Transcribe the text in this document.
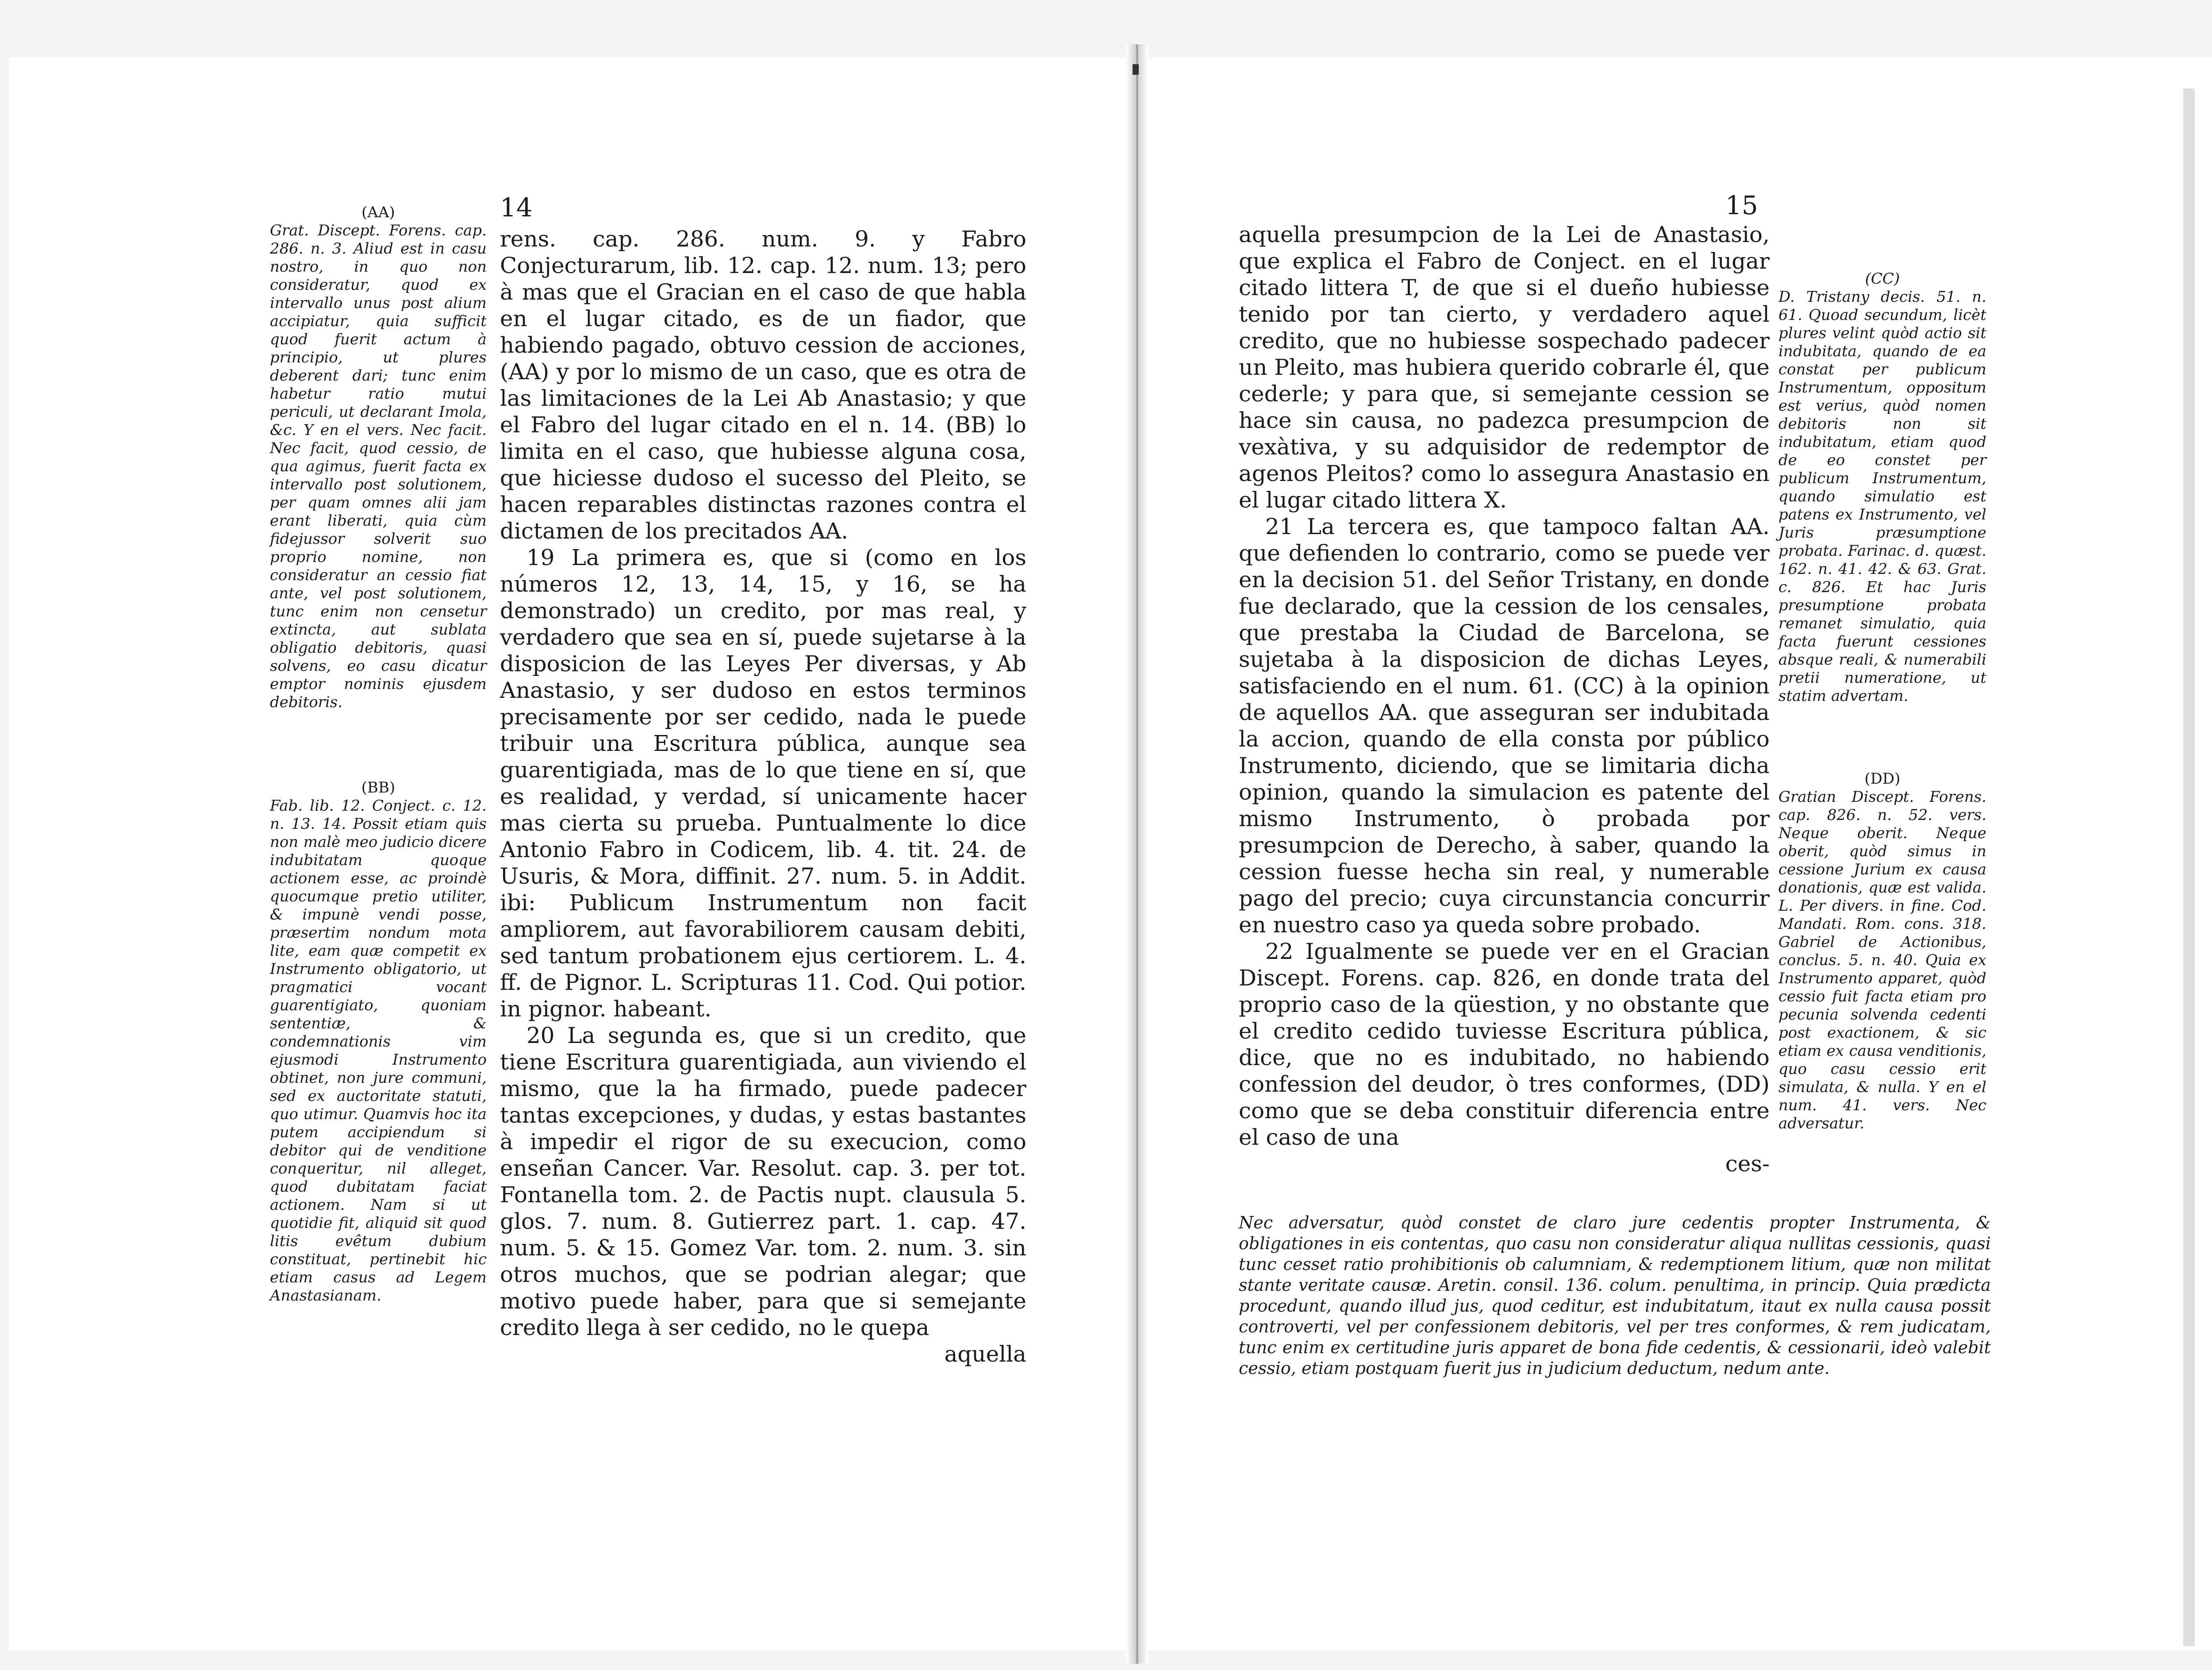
14

(AA)

Grat. Discept. Forens. cap. 286. n. 3. Aliud est in casu nostro, in quo non consideratur, quod ex intervallo unus post alium accipiatur, quia sufficit quod fuerit actum à principio, ut plures deberent dari; tunc enim habetur ratio mutui periculi, ut declarant Imola, &c. Y en el vers. Nec facit. Nec facit, quod cessio, de qua agimus, fuerit facta ex intervallo post solutionem, per quam omnes alii jam erant liberati, quia cùm fidejussor solverit suo proprio nomine, non consideratur an cessio fiat ante, vel post solutionem, tunc enim non censetur extincta, aut sublata obligatio debitoris, quasi solvens, eo casu dicatur emptor nominis ejusdem debitoris.

(BB)

Fab. lib. 12. Conject. c. 12. n. 13. 14. Possit etiam quis non malè meo judicio dicere indubitatam quoque actionem esse, ac proindè quocumque pretio utiliter, & impunè vendi posse, præsertim nondum mota lite, eam quæ competit ex Instrumento obligatorio, ut pragmatici vocant guarentigiato, quoniam sententiæ, & condemnationis vim ejusmodi Instrumento obtinet, non jure communi, sed ex auctoritate statuti, quo utimur. Quamvis hoc ita putem accipiendum si debitor qui de venditione conqueritur, nil alleget, quod dubitatam faciat actionem. Nam si ut quotidie fit, aliquid sit quod litis evêtum dubium constituat, pertinebit hic etiam casus ad Legem Anastasianam.

rens. cap. 286. num. 9. y Fabro Conjecturarum, lib. 12. cap. 12. num. 13; pero à mas que el Gracian en el caso de que habla en el lugar citado, es de un fiador, que habiendo pagado, obtuvo cession de acciones, (AA) y por lo mismo de un caso, que es otra de las limitaciones de la Lei Ab Anastasio; y que el Fabro del lugar citado en el n. 14. (BB) lo limita en el caso, que hubiesse alguna cosa, que hiciesse dudoso el sucesso del Pleito, se hacen reparables distinctas razones contra el dictamen de los precitados AA.

19 La primera es, que si (como en los números 12, 13, 14, 15, y 16, se ha demonstrado) un credito, por mas real, y verdadero que sea en sí, puede sujetarse à la disposicion de las Leyes Per diversas, y Ab Anastasio, y ser dudoso en estos terminos precisamente por ser cedido, nada le puede tribuir una Escritura pública, aunque sea guarentigiada, mas de lo que tiene en sí, que es realidad, y verdad, sí unicamente hacer mas cierta su prueba. Puntualmente lo dice Antonio Fabro in Codicem, lib. 4. tit. 24. de Usuris, & Mora, diffinit. 27. num. 5. in Addit. ibi: Publicum Instrumentum non facit ampliorem, aut favorabiliorem causam debiti, sed tantum probationem ejus certiorem. L. 4. ff. de Pignor. L. Scripturas 11. Cod. Qui potior. in pignor. habeant.

20 La segunda es, que si un credito, que tiene Escritura guarentigiada, aun viviendo el mismo, que la ha firmado, puede padecer tantas excepciones, y dudas, y estas bastantes à impedir el rigor de su execucion, como enseñan Cancer. Var. Resolut. cap. 3. per tot. Fontanella tom. 2. de Pactis nupt. clausula 5. glos. 7. num. 8. Gutierrez part. 1. cap. 47. num. 5. & 15. Gomez Var. tom. 2. num. 3. sin otros muchos, que se podrian alegar; que motivo puede haber, para que si semejante credito llega à ser cedido, no le quepa

aquella

15

aquella presumpcion de la Lei de Anastasio, que explica el Fabro de Conject. en el lugar citado littera T, de que si el dueño hubiesse tenido por tan cierto, y verdadero aquel credito, que no hubiesse sospechado padecer un Pleito, mas hubiera querido cobrarle él, que cederle; y para que, si semejante cession se hace sin causa, no padezca presumpcion de vexàtiva, y su adquisidor de redemptor de agenos Pleitos? como lo assegura Anastasio en el lugar citado littera X.

21 La tercera es, que tampoco faltan AA. que defienden lo contrario, como se puede ver en la decision 51. del Señor Tristany, en donde fue declarado, que la cession de los censales, que prestaba la Ciudad de Barcelona, se sujetaba à la disposicion de dichas Leyes, satisfaciendo en el num. 61. (CC) à la opinion de aquellos AA. que asseguran ser indubitada la accion, quando de ella consta por público Instrumento, diciendo, que se limitaria dicha opinion, quando la simulacion es patente del mismo Instrumento, ò probada por presumpcion de Derecho, à saber, quando la cession fuesse hecha sin real, y numerable pago del precio; cuya circunstancia concurrir en nuestro caso ya queda sobre probado.

22 Igualmente se puede ver en el Gracian Discept. Forens. cap. 826, en donde trata del proprio caso de la qüestion, y no obstante que el credito cedido tuviesse Escritura pública, dice, que no es indubitado, no habiendo confession del deudor, ò tres conformes, (DD) como que se deba constituir diferencia entre el caso de una

ces-

(CC)

D. Tristany decis. 51. n. 61. Quoad secundum, licèt plures velint quòd actio sit indubitata, quando de ea constat per publicum Instrumentum, oppositum est verius, quòd nomen debitoris non sit indubitatum, etiam quod de eo constet per publicum Instrumentum, quando simulatio est patens ex Instrumento, vel Juris præsumptione probata. Farinac. d. quæst. 162. n. 41. 42. & 63. Grat. c. 826. Et hac Juris presumptione probata remanet simulatio, quia facta fuerunt cessiones absque reali, & numerabili pretii numeratione, ut statim advertam.

(DD)

Gratian Discept. Forens. cap. 826. n. 52. vers. Neque oberit. Neque oberit, quòd simus in cessione Jurium ex causa donationis, quæ est valida. L. Per divers. in fine. Cod. Mandati. Rom. cons. 318. Gabriel de Actionibus, conclus. 5. n. 40. Quia ex Instrumento apparet, quòd cessio fuit facta etiam pro pecunia solvenda cedenti post exactionem, & sic etiam ex causa venditionis, quo casu cessio erit simulata, & nulla. Y en el num. 41. vers. Nec adversatur.

Nec adversatur, quòd constet de claro jure cedentis propter Instrumenta, & obligationes in eis contentas, quo casu non consideratur aliqua nullitas cessionis, quasi tunc cesset ratio prohibitionis ob calumniam, & redemptionem litium, quæ non militat stante veritate causæ. Aretin. consil. 136. colum. penultima, in princip. Quia prædicta procedunt, quando illud jus, quod ceditur, est indubitatum, itaut ex nulla causa possit controverti, vel per confessionem debitoris, vel per tres conformes, & rem judicatam, tunc enim ex certitudine juris apparet de bona fide cedentis, & cessionarii, ideò valebit cessio, etiam postquam fuerit jus in judicium deductum, nedum ante.
